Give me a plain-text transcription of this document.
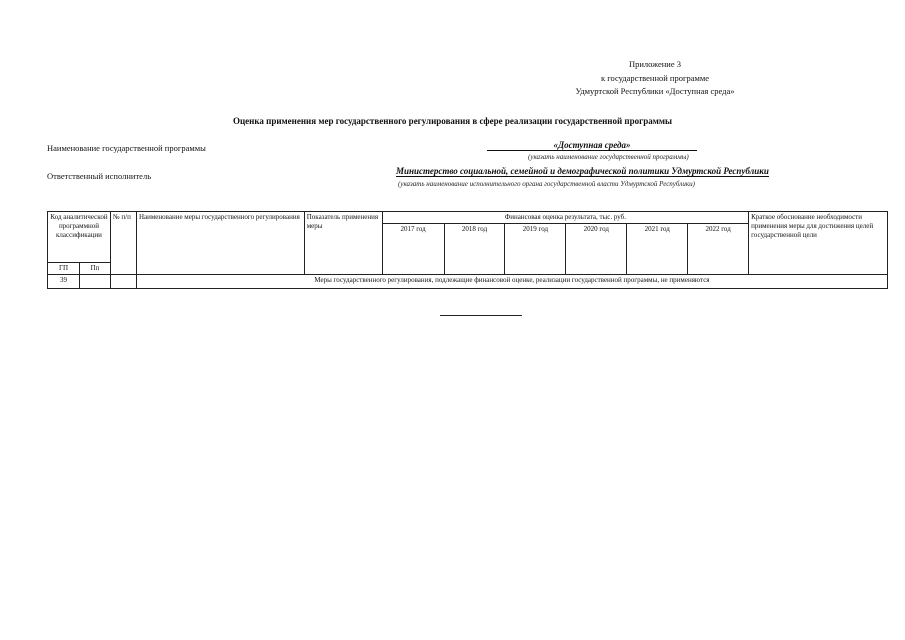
Приложение 3
к государственной программе
Удмуртской Республики «Доступная среда»
Оценка применения мер государственного регулирования в сфере реализации государственной программы
Наименование государственной программы	«Доступная среда»
(указать наименование государственной программы)
Ответственный исполнитель	Министерство социальной, семейной и демографической политики Удмуртской Республики
(указать наименование исполнительного органа государственной власти Удмуртской Республики)
Код аналитической программной классификации		№ п/п	Наименование меры государственного регулирования	Показатель применения меры	Финансовая оценка результата, тыс. руб.						Краткое обоснование необходимости применения меры для достижения целей государственной цели
					2017 год	2018 год	2019 год	2020 год	2021 год	2022 год	

ГП	Пп										
39			Меры государственного регулирования, подлежащие финансовой оценке, реализации государственной программы, не применяются								
